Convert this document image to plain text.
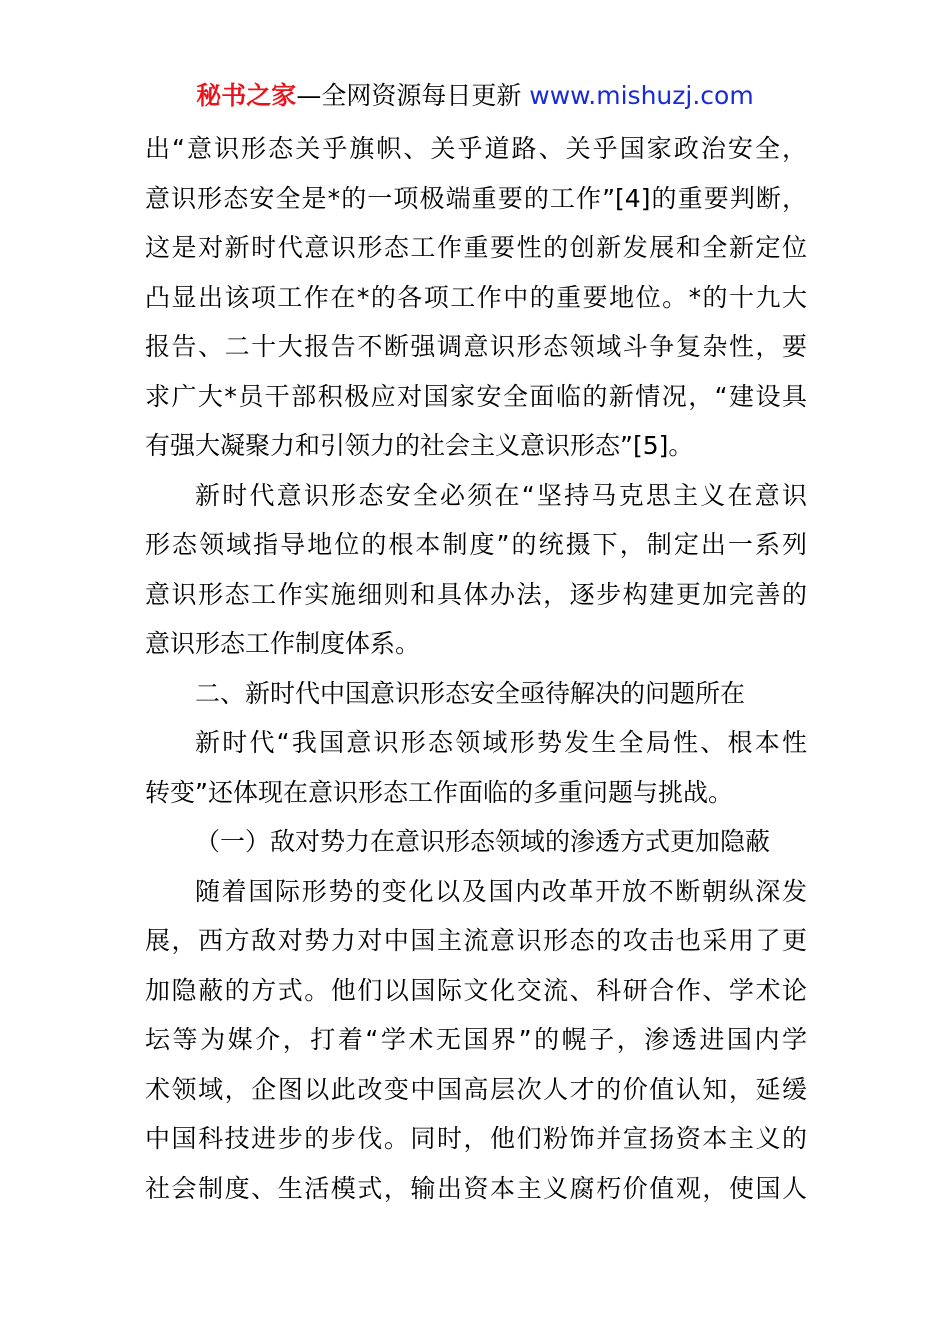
秘书之家—全网资源每日更新 www.mishuzj.com
出“意识形态关乎旗帜、关乎道路、关乎国家政治安全，
意识形态安全是*的一项极端重要的工作”[4]的重要判断，
这是对新时代意识形态工作重要性的创新发展和全新定位
凸显出该项工作在*的各项工作中的重要地位。*的十九大
报告、二十大报告不断强调意识形态领域斗争复杂性，要
求广大*员干部积极应对国家安全面临的新情况，“建设具
有强大凝聚力和引领力的社会主义意识形态”[5]。
新时代意识形态安全必须在“坚持马克思主义在意识
形态领域指导地位的根本制度”的统摄下，制定出一系列
意识形态工作实施细则和具体办法，逐步构建更加完善的
意识形态工作制度体系。
二、新时代中国意识形态安全亟待解决的问题所在
新时代“我国意识形态领域形势发生全局性、根本性
转变”还体现在意识形态工作面临的多重问题与挑战。
（一）敌对势力在意识形态领域的渗透方式更加隐蔽
随着国际形势的变化以及国内改革开放不断朝纵深发
展，西方敌对势力对中国主流意识形态的攻击也采用了更
加隐蔽的方式。他们以国际文化交流、科研合作、学术论
坛等为媒介，打着“学术无国界”的幌子，渗透进国内学
术领域，企图以此改变中国高层次人才的价值认知，延缓
中国科技进步的步伐。同时，他们粉饰并宣扬资本主义的
社会制度、生活模式，输出资本主义腐朽价值观，使国人
